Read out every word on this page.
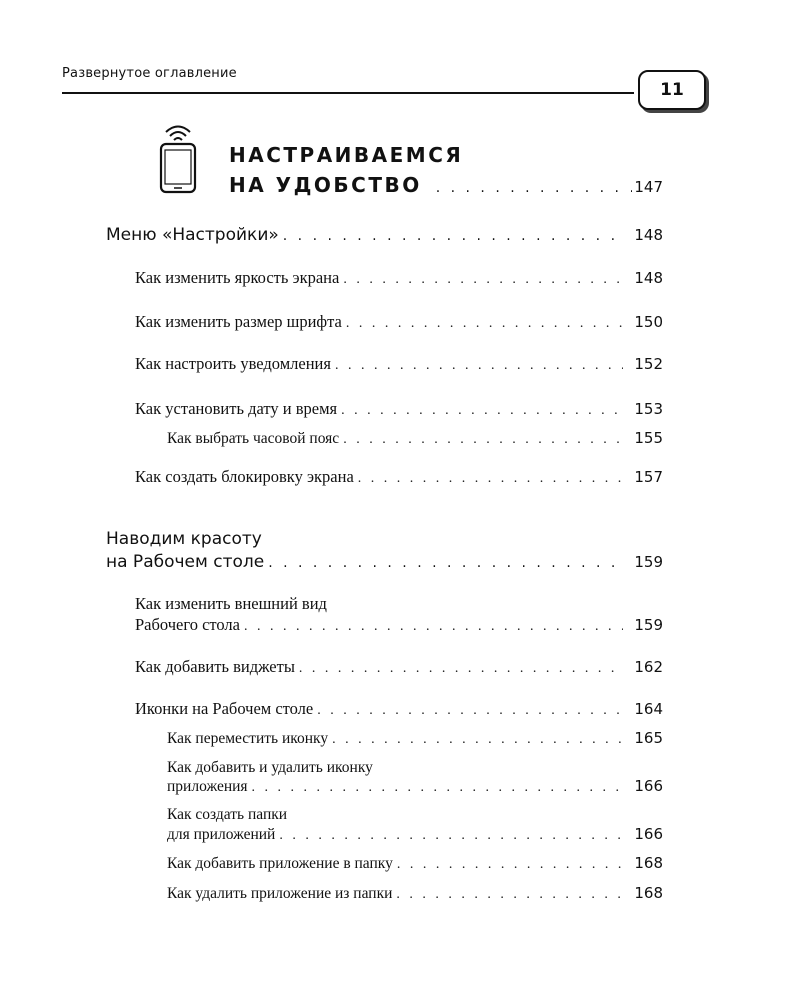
Развернутое оглавление
11
НАСТРАИВАЕМСЯ
НА УДОБСТВО . . .	147
Меню «Настройки» . . .	148
Как изменить яркость экрана . . .	148
Как изменить размер шрифта . . .	150
Как настроить уведомления . . .	152
Как установить дату и время . . .	153
Как выбрать часовой пояс . . .	155
Как создать блокировку экрана . . .	157
Наводим красоту
на Рабочем столе . . .	159
Как изменить внешний вид
Рабочего стола . . .	159
Как добавить виджеты . . .	162
Иконки на Рабочем столе . . .	164
Как переместить иконку . . .	165
Как добавить и удалить иконку
приложения . . .	166
Как создать папки
для приложений . . .	166
Как добавить приложение в папку . . .	168
Как удалить приложение из папки . . .	168
